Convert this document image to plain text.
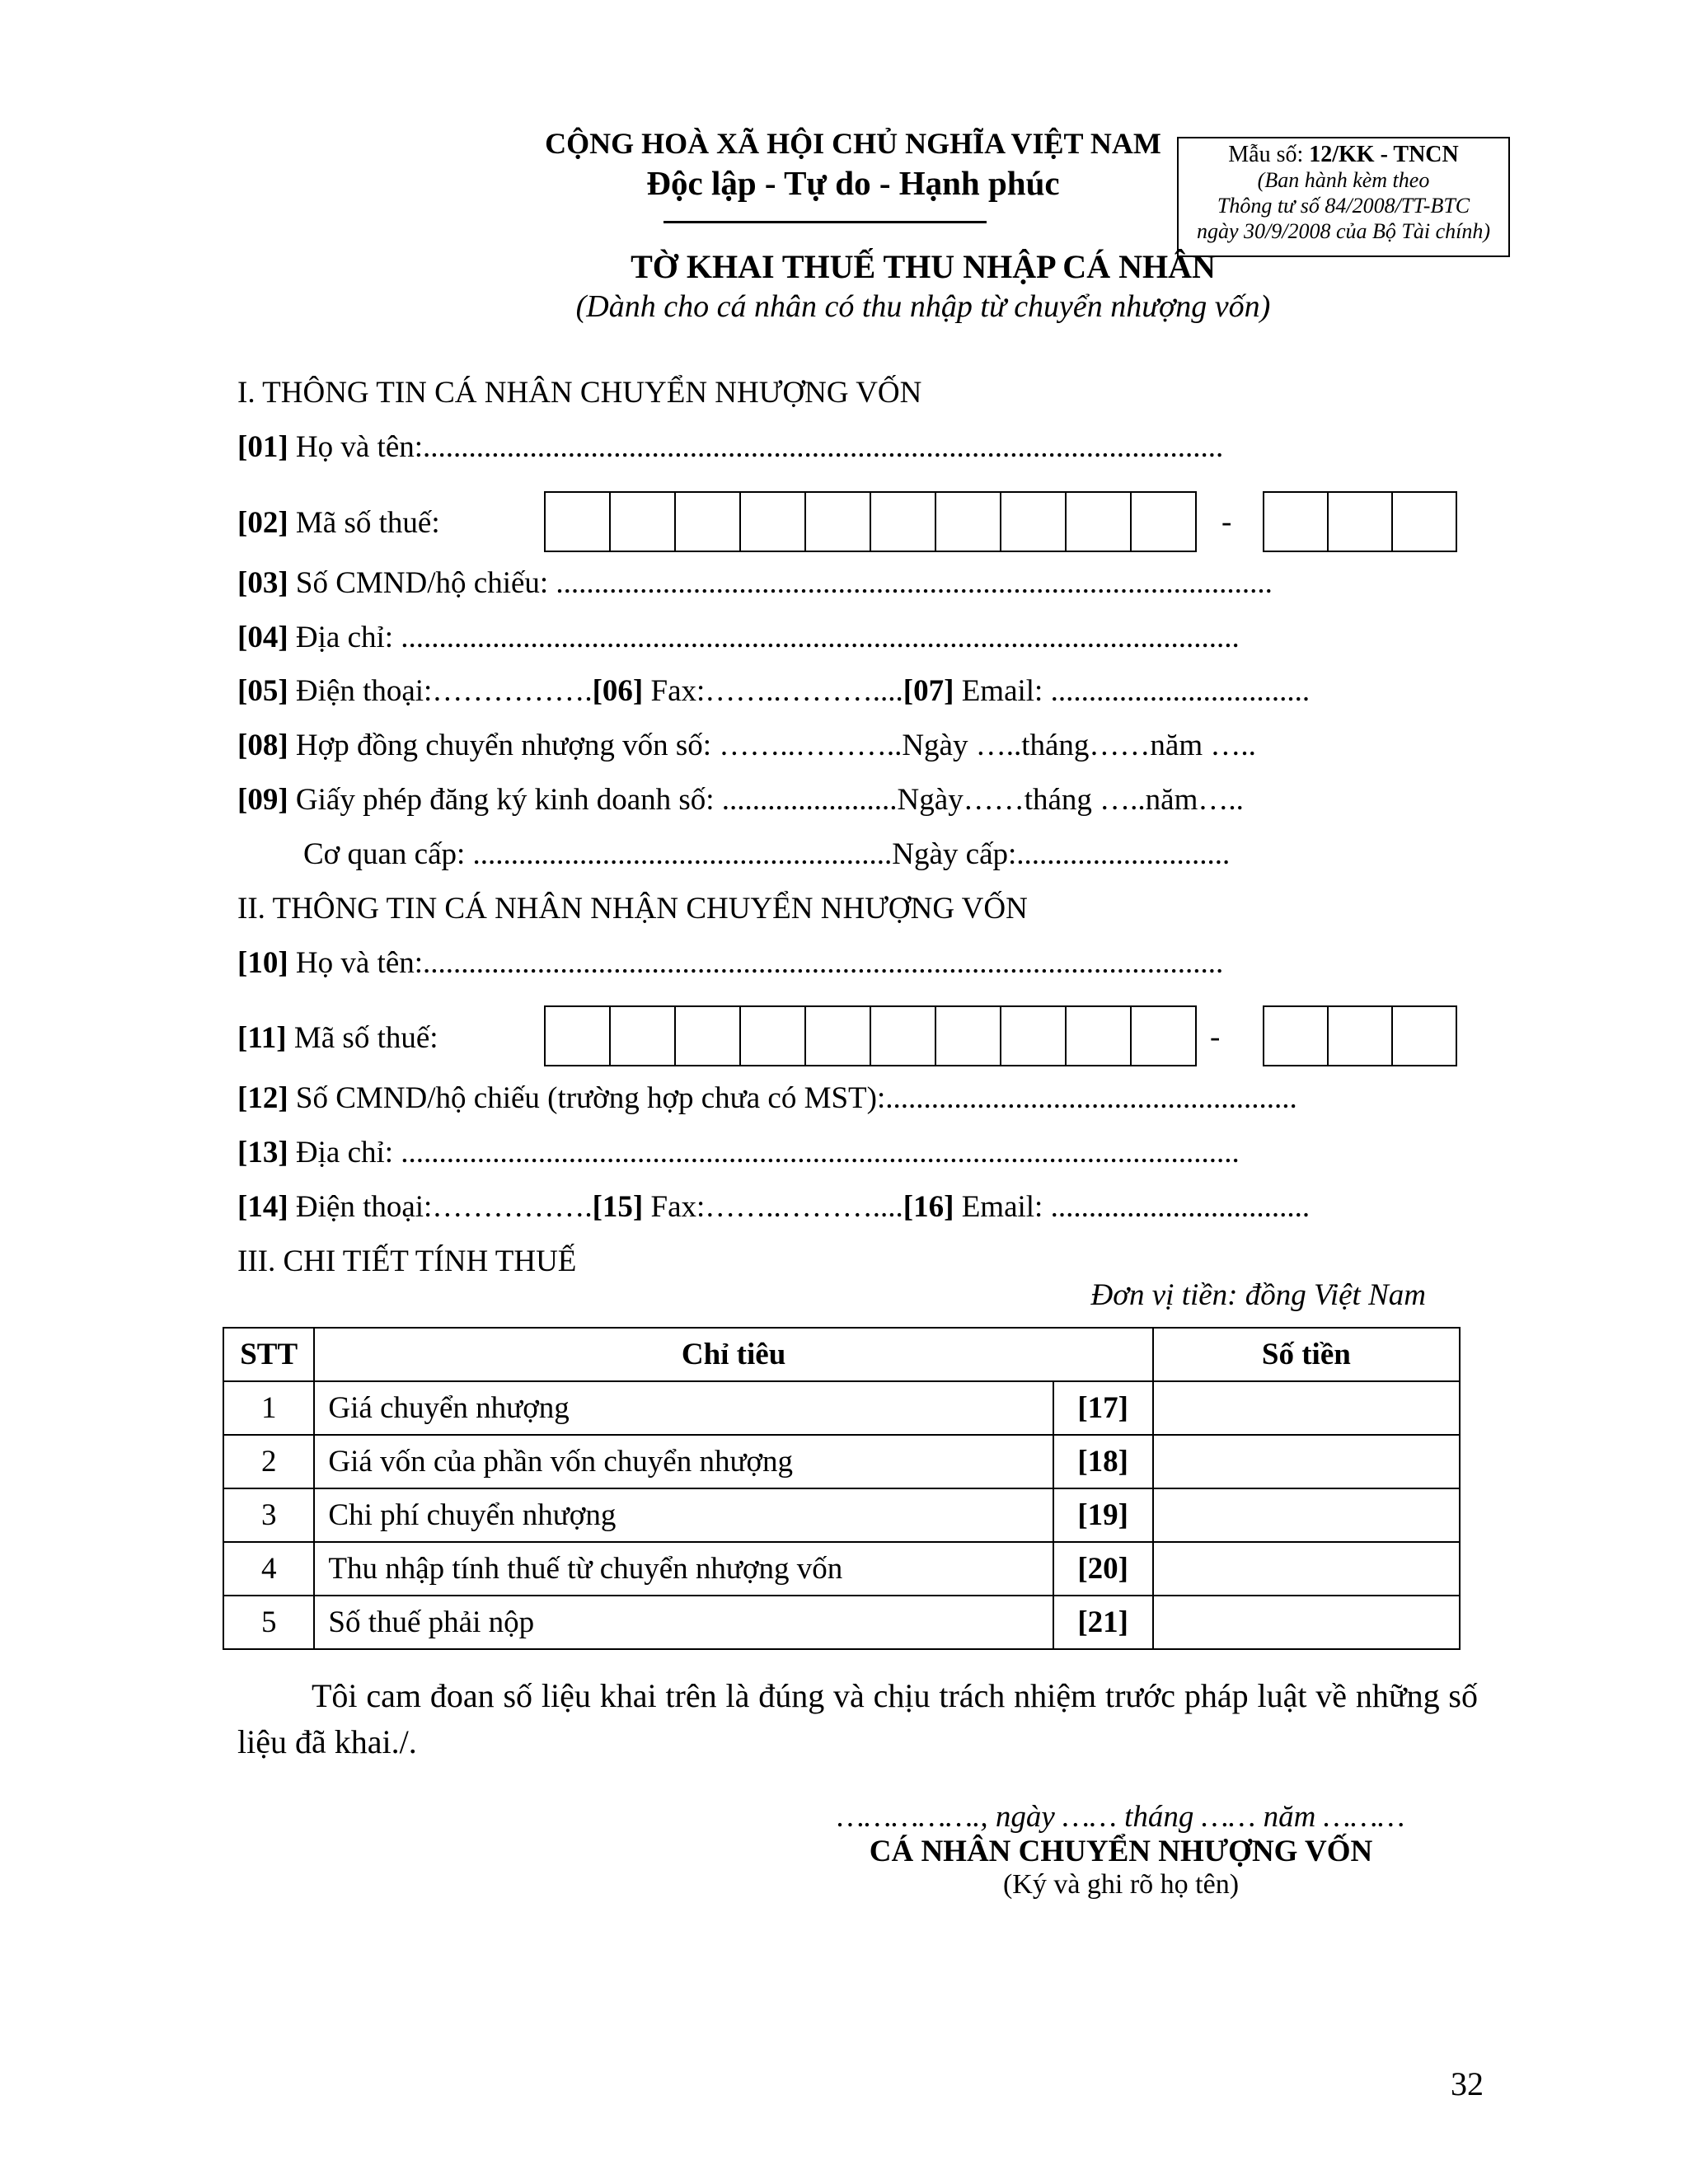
CỘNG HOÀ XÃ HỘI CHỦ NGHĨA VIỆT NAM
Độc lập - Tự do - Hạnh phúc
Mẫu số: 12/KK - TNCN
(Ban hành kèm theo
Thông tư số 84/2008/TT-BTC
ngày 30/9/2008 của Bộ Tài chính)
TỜ KHAI THUẾ THU NHẬP CÁ NHÂN
(Dành cho cá nhân có thu nhập từ chuyển nhượng vốn)
I. THÔNG TIN CÁ NHÂN CHUYỂN NHƯỢNG VỐN
[01] Họ và tên:.........................................................................................................
[02] Mã số thuế:	-
[03] Số CMND/hộ chiếu: ..............................................................................................
[04] Địa chỉ: ..............................................................................................................
[05] Điện thoại:…………….[06] Fax:……..………....[07] Email: ..................................
[08] Hợp đồng chuyển nhượng vốn số: ……..………..Ngày …..tháng……năm …..
[09] Giấy phép đăng ký kinh doanh số: .......................Ngày……tháng …..năm…..
Cơ quan cấp: .......................................................Ngày cấp:............................
II. THÔNG TIN CÁ NHÂN NHẬN CHUYỂN NHƯỢNG VỐN
[10] Họ và tên:.........................................................................................................
[11] Mã số thuế:	-
[12] Số CMND/hộ chiếu (trường hợp chưa có MST):......................................................
[13] Địa chỉ: ..............................................................................................................
[14] Điện thoại:…………….[15] Fax:……..………....[16] Email: ..................................
III. CHI TIẾT TÍNH THUẾ
Đơn vị tiền: đồng Việt Nam
STT	Chỉ tiêu		Số tiền
1	Giá chuyển nhượng	[17]	
2	Giá vốn của phần vốn chuyển nhượng	[18]	
3	Chi phí chuyển nhượng	[19]	
4	Thu nhập tính thuế từ chuyển nhượng vốn	[20]	
5	Số thuế phải nộp	[21]	
Tôi cam đoan số liệu khai trên là đúng và chịu trách nhiệm trước pháp luật về những số liệu đã khai./.
……………., ngày …… tháng …… năm ………
CÁ NHÂN CHUYỂN NHƯỢNG VỐN
(Ký và ghi rõ họ tên)
32
